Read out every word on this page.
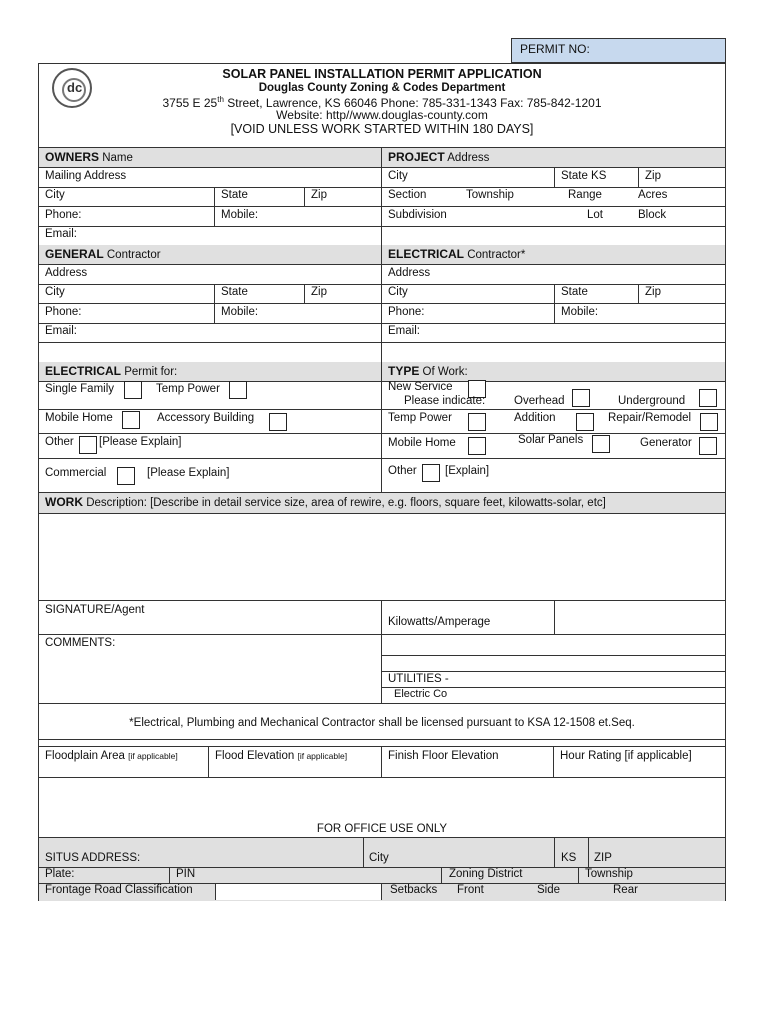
PERMIT NO:
dc
SOLAR PANEL INSTALLATION PERMIT APPLICATION
Douglas County Zoning & Codes Department
3755 E 25th Street, Lawrence, KS 66046 Phone: 785-331-1343 Fax: 785-842-1201
Website: http//www.douglas-county.com
[VOID UNLESS WORK STARTED WITHIN 180 DAYS]
OWNERS Name
Mailing Address
City	State	Zip
Phone:	Mobile:
Email:
PROJECT Address
City	State KS	Zip
Section	Township	Range	Acres
Subdivision	Lot	Block
GENERAL Contractor
Address
City	State	Zip
Phone:	Mobile:
Email:
ELECTRICAL Contractor*
Address
City	State	Zip
Phone:	Mobile:
Email:
ELECTRICAL Permit for:	TYPE Of Work:
Single Family	Temp Power
Mobile Home	Accessory Building
Other [Please Explain]
Commercial	[Please Explain]
New Service
Please indicate:	Overhead	Underground
Temp Power	Addition	Repair/Remodel
Mobile Home	Solar Panels	Generator
Other [Explain]
WORK Description: [Describe in detail service size, area of rewire, e.g. floors, square feet, kilowatts-solar, etc]
SIGNATURE/Agent
Kilowatts/Amperage
COMMENTS:
UTILITIES -
Electric Co
*Electrical, Plumbing and Mechanical Contractor shall be licensed pursuant to KSA 12-1508 et.Seq.
Floodplain Area [if applicable]	Flood Elevation [if applicable]	Finish Floor Elevation	Hour Rating [if applicable]
FOR OFFICE USE ONLY
SITUS ADDRESS:	City	KS ZIP
Plate:	PIN	Zoning District	Township
Frontage Road Classification	Setbacks Front	Side	Rear
